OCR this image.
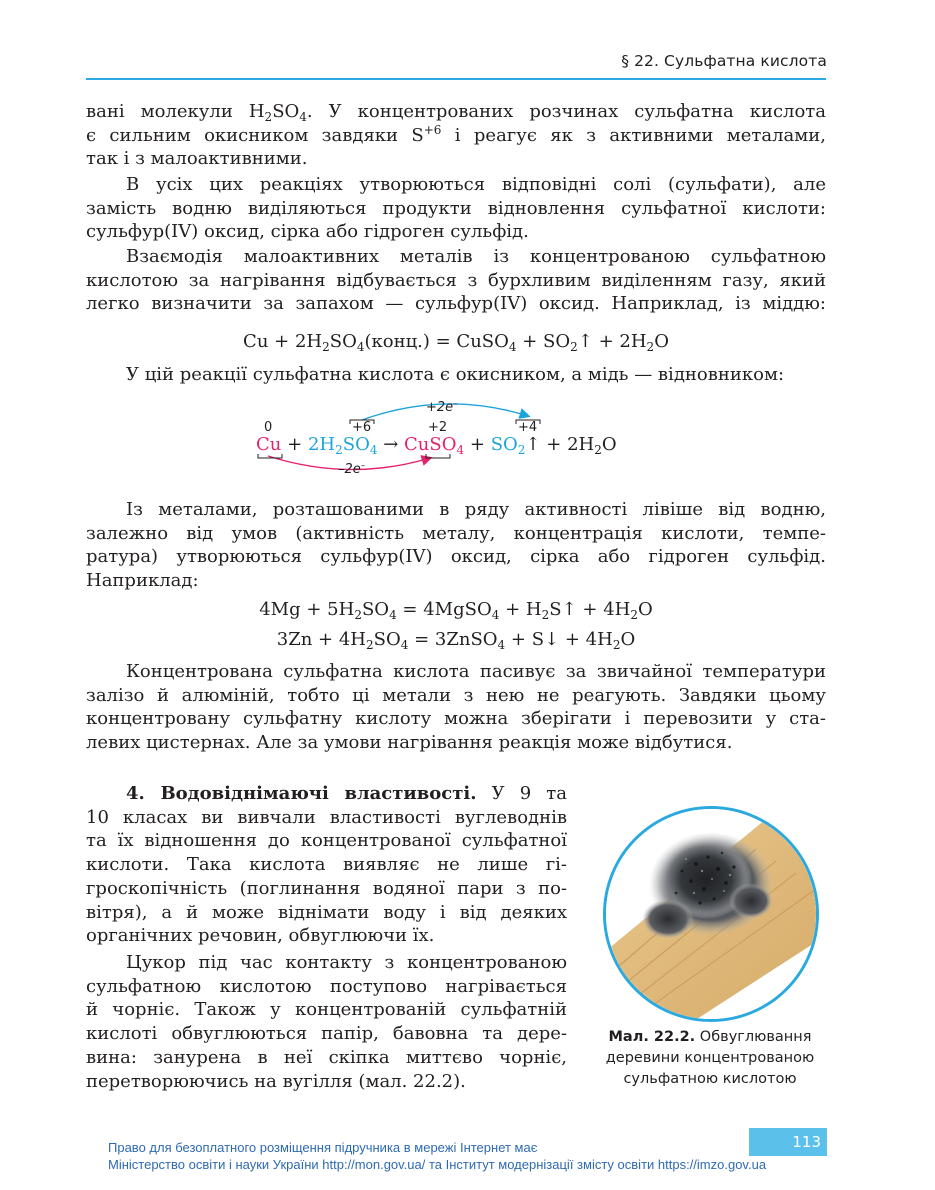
§ 22. Сульфатна кислота
вані молекули $H_2SO_4$. У концентрованих розчинах сульфатна кислота
є сильним окисником завдяки $S^{+6}$ і реагує як з активними металами,
так і з малоактивними.
В усіх цих реакціях утворюються відповідні солі (сульфати), але
замість водню виділяються продукти відновлення сульфатної кислоти:
сульфур(IV) оксид, сірка або гідроген сульфід.
Взаємодія малоактивних металів із концентрованою сульфатною
кислотою за нагрівання відбувається з бурхливим виділенням газу, який
легко визначити за запахом — сульфур(IV) оксид. Наприклад, із міддю:
$Cu + 2H_2SO_4(конц.)$ = CuSO$_4$ + $SO_2↑ + 2H_2O$
У цій реакції сульфатна кислота є окисником, а мідь — відновником:
0	+6	+2	+4
+2e–
–2e–
$Cu + 2H_2SO_4$ → CuSO$_4$ + $SO_2↑ + 2H_2O$
Із металами, розташованими в ряду активності лівіше від водню,
залежно від умов (активність металу, концентрація кислоти, темпе-
ратура) утворюються сульфур(IV) оксид, сірка або гідроген сульфід.
Наприклад:
$4Mg + 5H_2SO_4$ = 4MgSO$_4$ + $H_2S↑ + 4H_2O$
$3Zn + 4H_2SO_4$ = 3ZnSO$_4$ + S↓ + $4H_2O$
Концентрована сульфатна кислота пасивує за звичайної температури
залізо й алюміній, тобто ці метали з нею не реагують. Завдяки цьому
концентровану сульфатну кислоту можна зберігати і перевозити у ста-
левих цистернах. Але за умови нагрівання реакція може відбутися.
4. Водовіднімаючі властивості. У 9 та
10 класах ви вивчали властивості вуглеводнів
та їх відношення до концентрованої сульфатної
кислоти. Така кислота виявляє не лише гі-
гроскопічність (поглинання водяної пари з по-
вітря), а й може віднімати воду і від деяких
органічних речовин, обвуглюючи їх.
Цукор під час контакту з концентрованою
сульфатною кислотою поступово нагрівається
й чорніє. Також у концентрованій сульфатній
кислоті обвуглюються папір, бавовна та дере-
вина: занурена в неї скіпка миттєво чорніє,
перетворюючись на вугілля (мал. 22.2).
Мал. 22.2. Обвуглювання
деревини концентрованою
сульфатною кислотою
113
Право для безоплатного розміщення підручника в мережі Інтернет має
Міністерство освіти і науки України http://mon.gov.ua/ та Інститут модернізації змісту освіти https://imzo.gov.ua
